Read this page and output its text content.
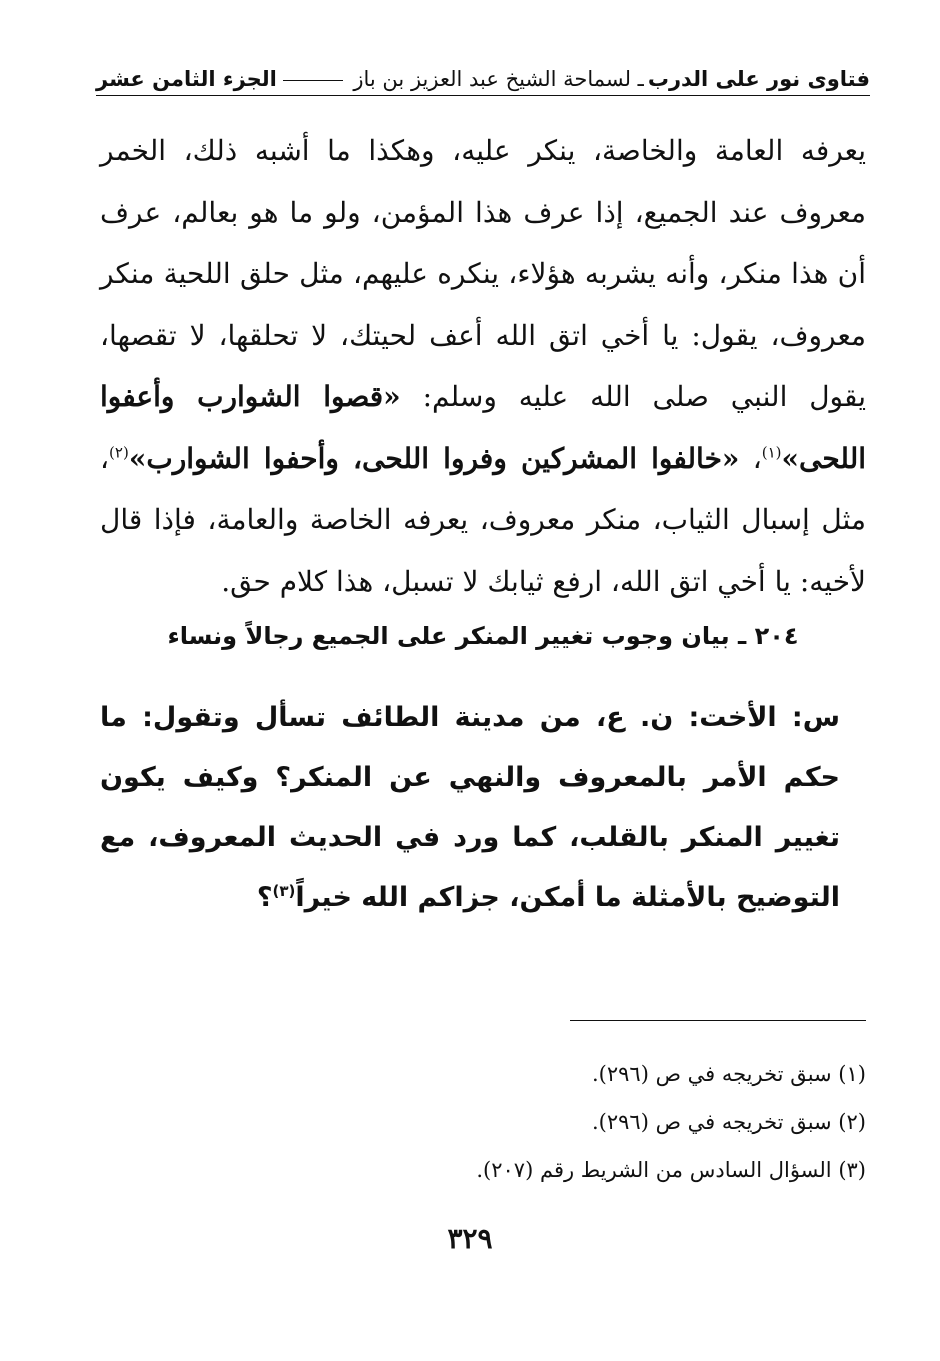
فتاوى نور على الدرب
ـ لسماحة الشيخ عبد العزيز بن باز
الجزء الثامن عشر
يعرفه العامة والخاصة، ينكر عليه، وهكذا ما أشبه ذلك، الخمر معروف عند الجميع، إذا عرف هذا المؤمن، ولو ما هو بعالم، عرف أن هذا منكر، وأنه يشربه هؤلاء، ينكره عليهم، مثل حلق اللحية منكر معروف، يقول: يا أخي اتق الله أعف لحيتك، لا تحلقها، لا تقصها، يقول النبي صلى الله عليه وسلم: «قصوا الشوارب وأعفوا اللحى»$^{(١)}$، «خالفوا المشركين وفروا اللحى، وأحفوا الشوارب»$^{(٢)}$، مثل إسبال الثياب، منكر معروف، يعرفه الخاصة والعامة، فإذا قال لأخيه: يا أخي اتق الله، ارفع ثيابك لا تسبل، هذا كلام حق.
٢٠٤ ـ بيان وجوب تغيير المنكر على الجميع رجالاً ونساء
س: الأخت: ن. ع، من مدينة الطائف تسأل وتقول: ما حكم الأمر بالمعروف والنهي عن المنكر؟ وكيف يكون تغيير المنكر بالقلب، كما ورد في الحديث المعروف، مع التوضيح بالأمثلة ما أمكن، جزاكم الله خيراً$^{(٣)}$؟
(١) سبق تخريجه في ص (٢٩٦).
(٢) سبق تخريجه في ص (٢٩٦).
(٣) السؤال السادس من الشريط رقم (٢٠٧).
٣٢٩
